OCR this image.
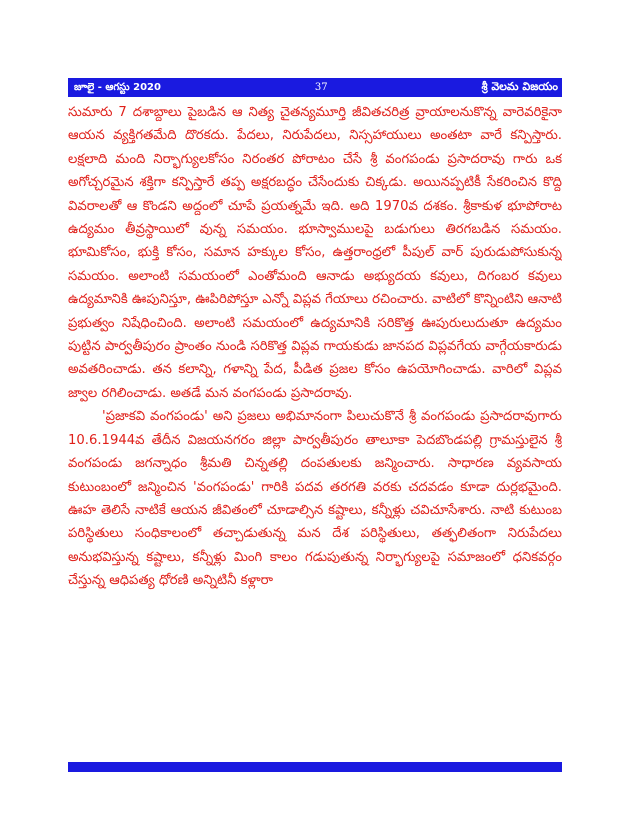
జూలై - ఆగస్టు 2020	37	శ్రీ వెలమ విజయం

సుమారు 7 దశాబ్దాలు పైబడిన ఆ నిత్య చైతన్యమూర్తి జీవితచరిత్ర వ్రాయాలనుకొన్న వారెవరికైనా ఆయన వ్యక్తిగతమేది దొరకదు. పేదలు, నిరుపేదలు, నిస్సహాయులు అంతటా వారే కన్పిస్తారు. లక్షలాది మంది నిర్భాగ్యులకోసం నిరంతర పోరాటం చేసే శ్రీ వంగపండు ప్రసాదరావు గారు ఒక అగోచ్చరమైన శక్తిగా కన్పిస్తారే తప్ప అక్షరబద్ధం చేసేందుకు చిక్కడు. అయినప్పటికీ సేకరించిన కొద్ది వివరాలతో ఆ కొండని అద్దంలో చూపే ప్రయత్నమే ఇది. అది 1970వ దశకం. శ్రీకాకుళ భూపోరాట ఉద్యమం తీవ్రస్థాయిలో వున్న సమయం. భూస్వాములపై బడుగులు తిరగబడిన సమయం. భూమికోసం, భుక్తి కోసం, సమాన హక్కుల కోసం, ఉత్తరాంధ్రలో పీపుల్ వార్ పురుడుపోసుకున్న సమయం. అలాంటి సమయంలో ఎంతోమంది ఆనాడు అభ్యుదయ కవులు, దిగంబర కవులు ఉద్యమానికి ఊపునిస్తూ, ఊపిరిపోస్తూ ఎన్నో విప్లవ గేయాలు రచించారు. వాటిలో కొన్నింటిని ఆనాటి ప్రభుత్వం నిషేధించింది. అలాంటి సమయంలో ఉద్యమానికి సరికొత్త ఊపురులుదుతూ ఉద్యమం పుట్టిన పార్వతీపురం ప్రాంతం నుండి సరికొత్త విప్లవ గాయకుడు జానపద విప్లవగేయ వాగ్గేయకారుడు అవతరించాడు. తన కలాన్ని, గళాన్ని పేద, పీడిత ప్రజల కోసం ఉపయోగించాడు. వారిలో విప్లవ జ్వాల రగిలించాడు. అతడే మన వంగపండు ప్రసాదరావు.

'ప్రజాకవి వంగపండు' అని ప్రజలు అభిమానంగా పిలుచుకొనే శ్రీ వంగపండు ప్రసాదరావుగారు 10.6.1944వ తేదీన విజయనగరం జిల్లా పార్వతీపురం తాలూకా పెదబొండపల్లి గ్రామస్తులైన శ్రీ వంగపండు జగన్నాధం శ్రీమతి చిన్నతల్లి దంపతులకు జన్మించారు. సాధారణ వ్యవసాయ కుటుంబంలో జన్మించిన 'వంగపండు' గారికి పదవ తరగతి వరకు చదవడం కూడా దుర్లభమైంది. ఊహ తెలిసే నాటికే ఆయన జీవితంలో చూడాల్సిన కష్టాలు, కన్నీళ్లు చవిచూసేశారు. నాటి కుటుంబ పరిస్థితులు సంధికాలంలో తచ్చాడుతున్న మన దేశ పరిస్థితులు, తత్ఫలితంగా నిరుపేదలు అనుభవిస్తున్న కష్టాలు, కన్నీళ్లు మింగి కాలం గడుపుతున్న నిర్భాగ్యులపై సమాజంలో ధనికవర్గం చేస్తున్న ఆధిపత్య ధోరణి అన్నిటినీ కళ్లారా
